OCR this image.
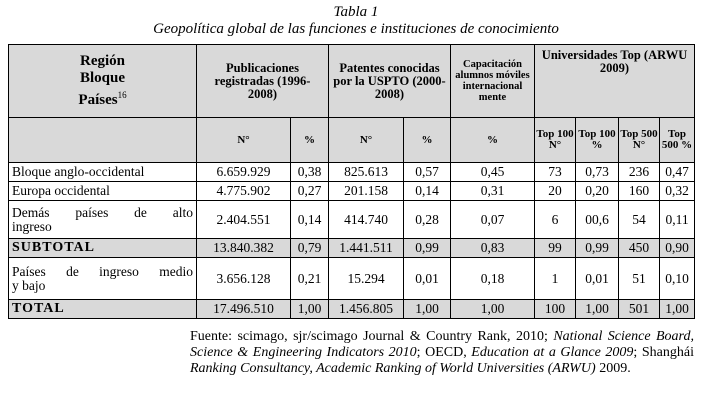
Tabla 1
Geopolítica global de las funciones e instituciones de conocimiento
Región
Bloque
Países$^{16}$	Publicaciones registradas (1996-2008)		Patentes conocidas por la USPTO (2000-2008)		Capacitación alumnos móviles internacional mente	Universidades Top (ARWU 2009)			
	N°	%	N°	%	%	Top 100 N°	Top 100 %	Top 500 N°	Top 500 %
Bloque anglo-occidental	6.659.929	0,38	825.613	0,57	0,45	73	0,73	236	0,47
Europa occidental	4.775.902	0,27	201.158	0,14	0,31	20	0,20	160	0,32

Demás países de alto
ingreso	2.404.551	0,14	414.740	0,28	0,07	6	00,6	54	0,11
SUBTOTAL	13.840.382	0,79	1.441.511	0,99	0,83	99	0,99	450	0,90

Países de ingreso medio
y bajo	3.656.128	0,21	15.294	0,01	0,18	1	0,01	51	0,10
TOTAL	17.496.510	1,00	1.456.805	1,00	1,00	100	1,00	501	1,00
Fuente: scimago, sjr/scimago Journal & Country Rank, 2010; National Science Board, Science & Engineering Indicators 2010; OECD, Education at a Glance 2009; Shanghái Ranking Consultancy, Academic Ranking of World Universities (ARWU) 2009.
